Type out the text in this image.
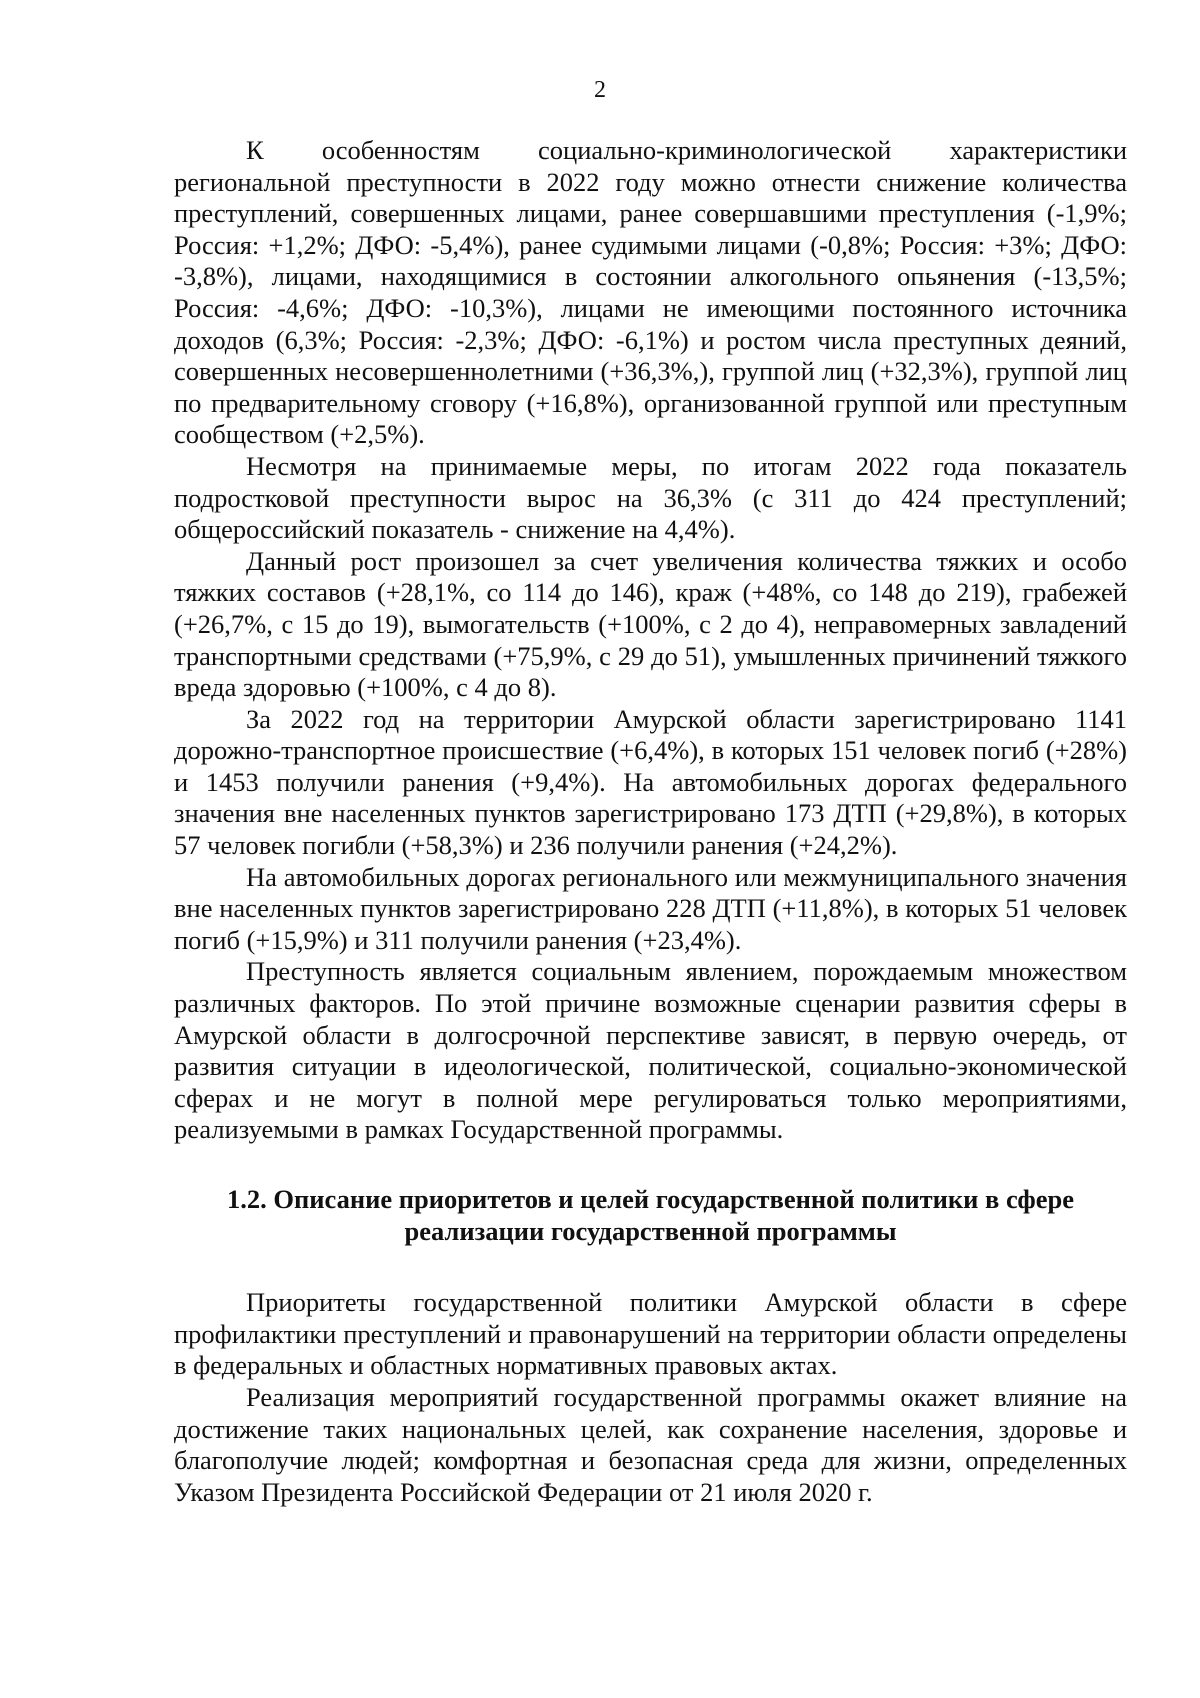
2

К особенностям социально-криминологической характеристики региональной преступности в 2022 году можно отнести снижение количества преступлений, совершенных лицами, ранее совершавшими преступления (-1,9%; Россия: +1,2%; ДФО: -5,4%), ранее судимыми лицами (-0,8%; Россия: +3%; ДФО: -3,8%), лицами, находящимися в состоянии алкогольного опьянения (-13,5%; Россия: -4,6%; ДФО: -10,3%), лицами не имеющими постоянного источника доходов (6,3%; Россия: -2,3%; ДФО: -6,1%) и ростом числа преступных деяний, совершенных несовершеннолетними (+36,3%,), группой лиц (+32,3%), группой лиц по предварительному сговору (+16,8%), организованной группой или преступным сообществом (+2,5%).

Несмотря на принимаемые меры, по итогам 2022 года показатель подростковой преступности вырос на 36,3% (с 311 до 424 преступлений; общероссийский показатель - снижение на 4,4%).

Данный рост произошел за счет увеличения количества тяжких и особо тяжких составов (+28,1%, со 114 до 146), краж (+48%, со 148 до 219), грабежей (+26,7%, с 15 до 19), вымогательств (+100%, с 2 до 4), неправомерных завладений транспортными средствами (+75,9%, с 29 до 51), умышленных причинений тяжкого вреда здоровью (+100%, с 4 до 8).

За 2022 год на территории Амурской области зарегистрировано 1141 дорожно-транспортное происшествие (+6,4%), в которых 151 человек погиб (+28%) и 1453 получили ранения (+9,4%). На автомобильных дорогах федерального значения вне населенных пунктов зарегистрировано 173 ДТП (+29,8%), в которых 57 человек погибли (+58,3%) и 236 получили ранения (+24,2%).

На автомобильных дорогах регионального или межмуниципального значения вне населенных пунктов зарегистрировано 228 ДТП (+11,8%), в которых 51 человек погиб (+15,9%) и 311 получили ранения (+23,4%).

Преступность является социальным явлением, порождаемым множеством различных факторов. По этой причине возможные сценарии развития сферы в Амурской области в долгосрочной перспективе зависят, в первую очередь, от развития ситуации в идеологической, политической, социально-экономической сферах и не могут в полной мере регулироваться только мероприятиями, реализуемыми в рамках Государственной программы.

1.2. Описание приоритетов и целей государственной политики в сфере реализации государственной программы

Приоритеты государственной политики Амурской области в сфере профилактики преступлений и правонарушений на территории области определены в федеральных и областных нормативных правовых актах.

Реализация мероприятий государственной программы окажет влияние на достижение таких национальных целей, как сохранение населения, здоровье и благополучие людей; комфортная и безопасная среда для жизни, определенных Указом Президента Российской Федерации от 21 июля 2020 г.
